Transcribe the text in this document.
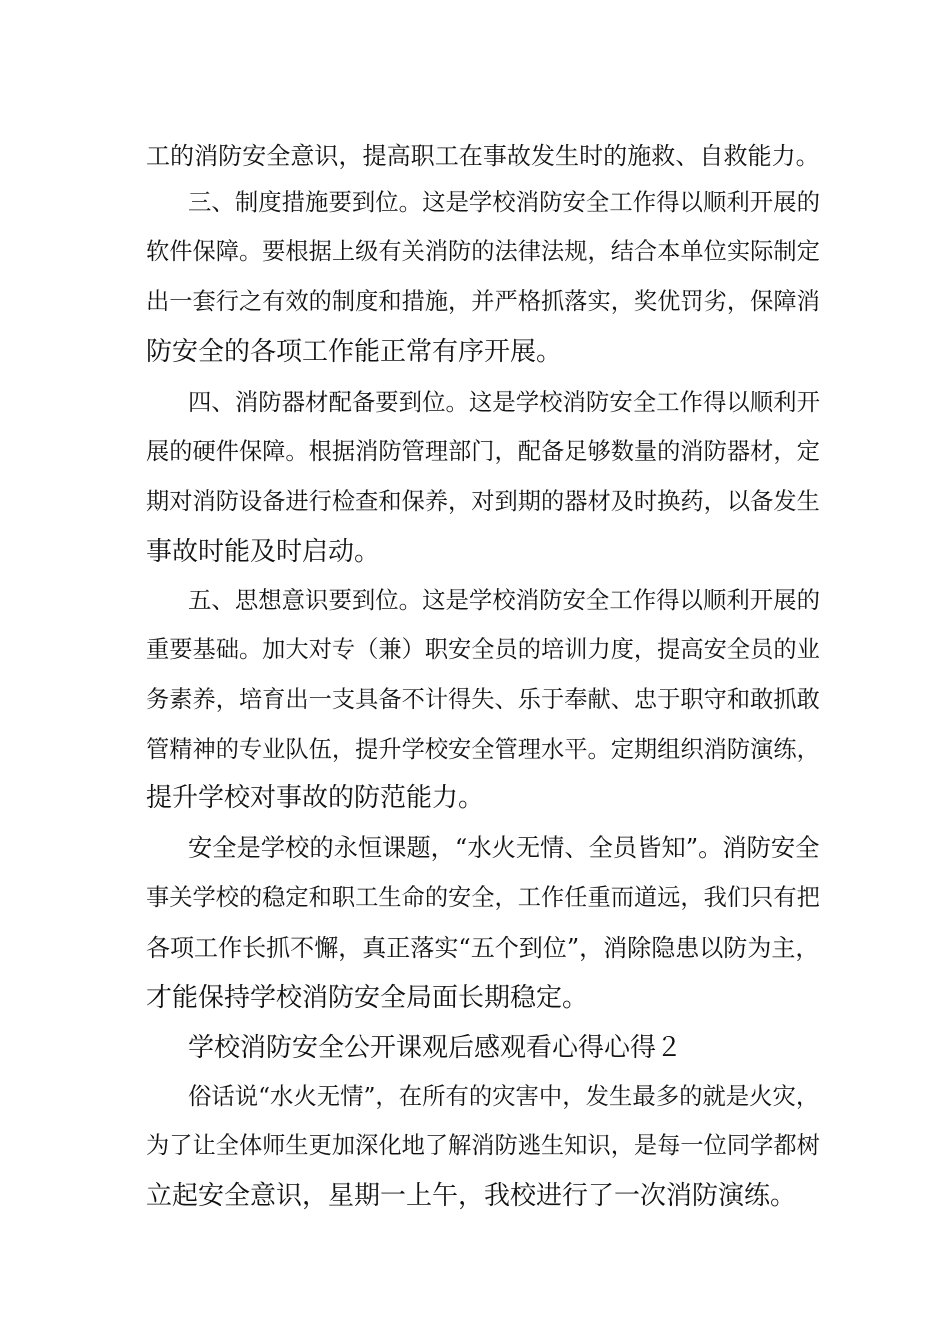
工的消防安全意识，提高职工在事故发生时的施救、自救能力。
三、制度措施要到位。这是学校消防安全工作得以顺利开展的
软件保障。要根据上级有关消防的法律法规，结合本单位实际制定
出一套行之有效的制度和措施，并严格抓落实，奖优罚劣，保障消
防安全的各项工作能正常有序开展。
四、消防器材配备要到位。这是学校消防安全工作得以顺利开
展的硬件保障。根据消防管理部门，配备足够数量的消防器材，定
期对消防设备进行检查和保养，对到期的器材及时换药，以备发生
事故时能及时启动。
五、思想意识要到位。这是学校消防安全工作得以顺利开展的
重要基础。加大对专（兼）职安全员的培训力度，提高安全员的业
务素养，培育出一支具备不计得失、乐于奉献、忠于职守和敢抓敢
管精神的专业队伍，提升学校安全管理水平。定期组织消防演练，
提升学校对事故的防范能力。
安全是学校的永恒课题，“水火无情、全员皆知”。消防安全
事关学校的稳定和职工生命的安全，工作任重而道远，我们只有把
各项工作长抓不懈，真正落实“五个到位”，消除隐患以防为主，
才能保持学校消防安全局面长期稳定。
学校消防安全公开课观后感观看心得心得２
俗话说“水火无情”，在所有的灾害中，发生最多的就是火灾，
为了让全体师生更加深化地了解消防逃生知识，是每一位同学都树
立起安全意识，星期一上午，我校进行了一次消防演练。
